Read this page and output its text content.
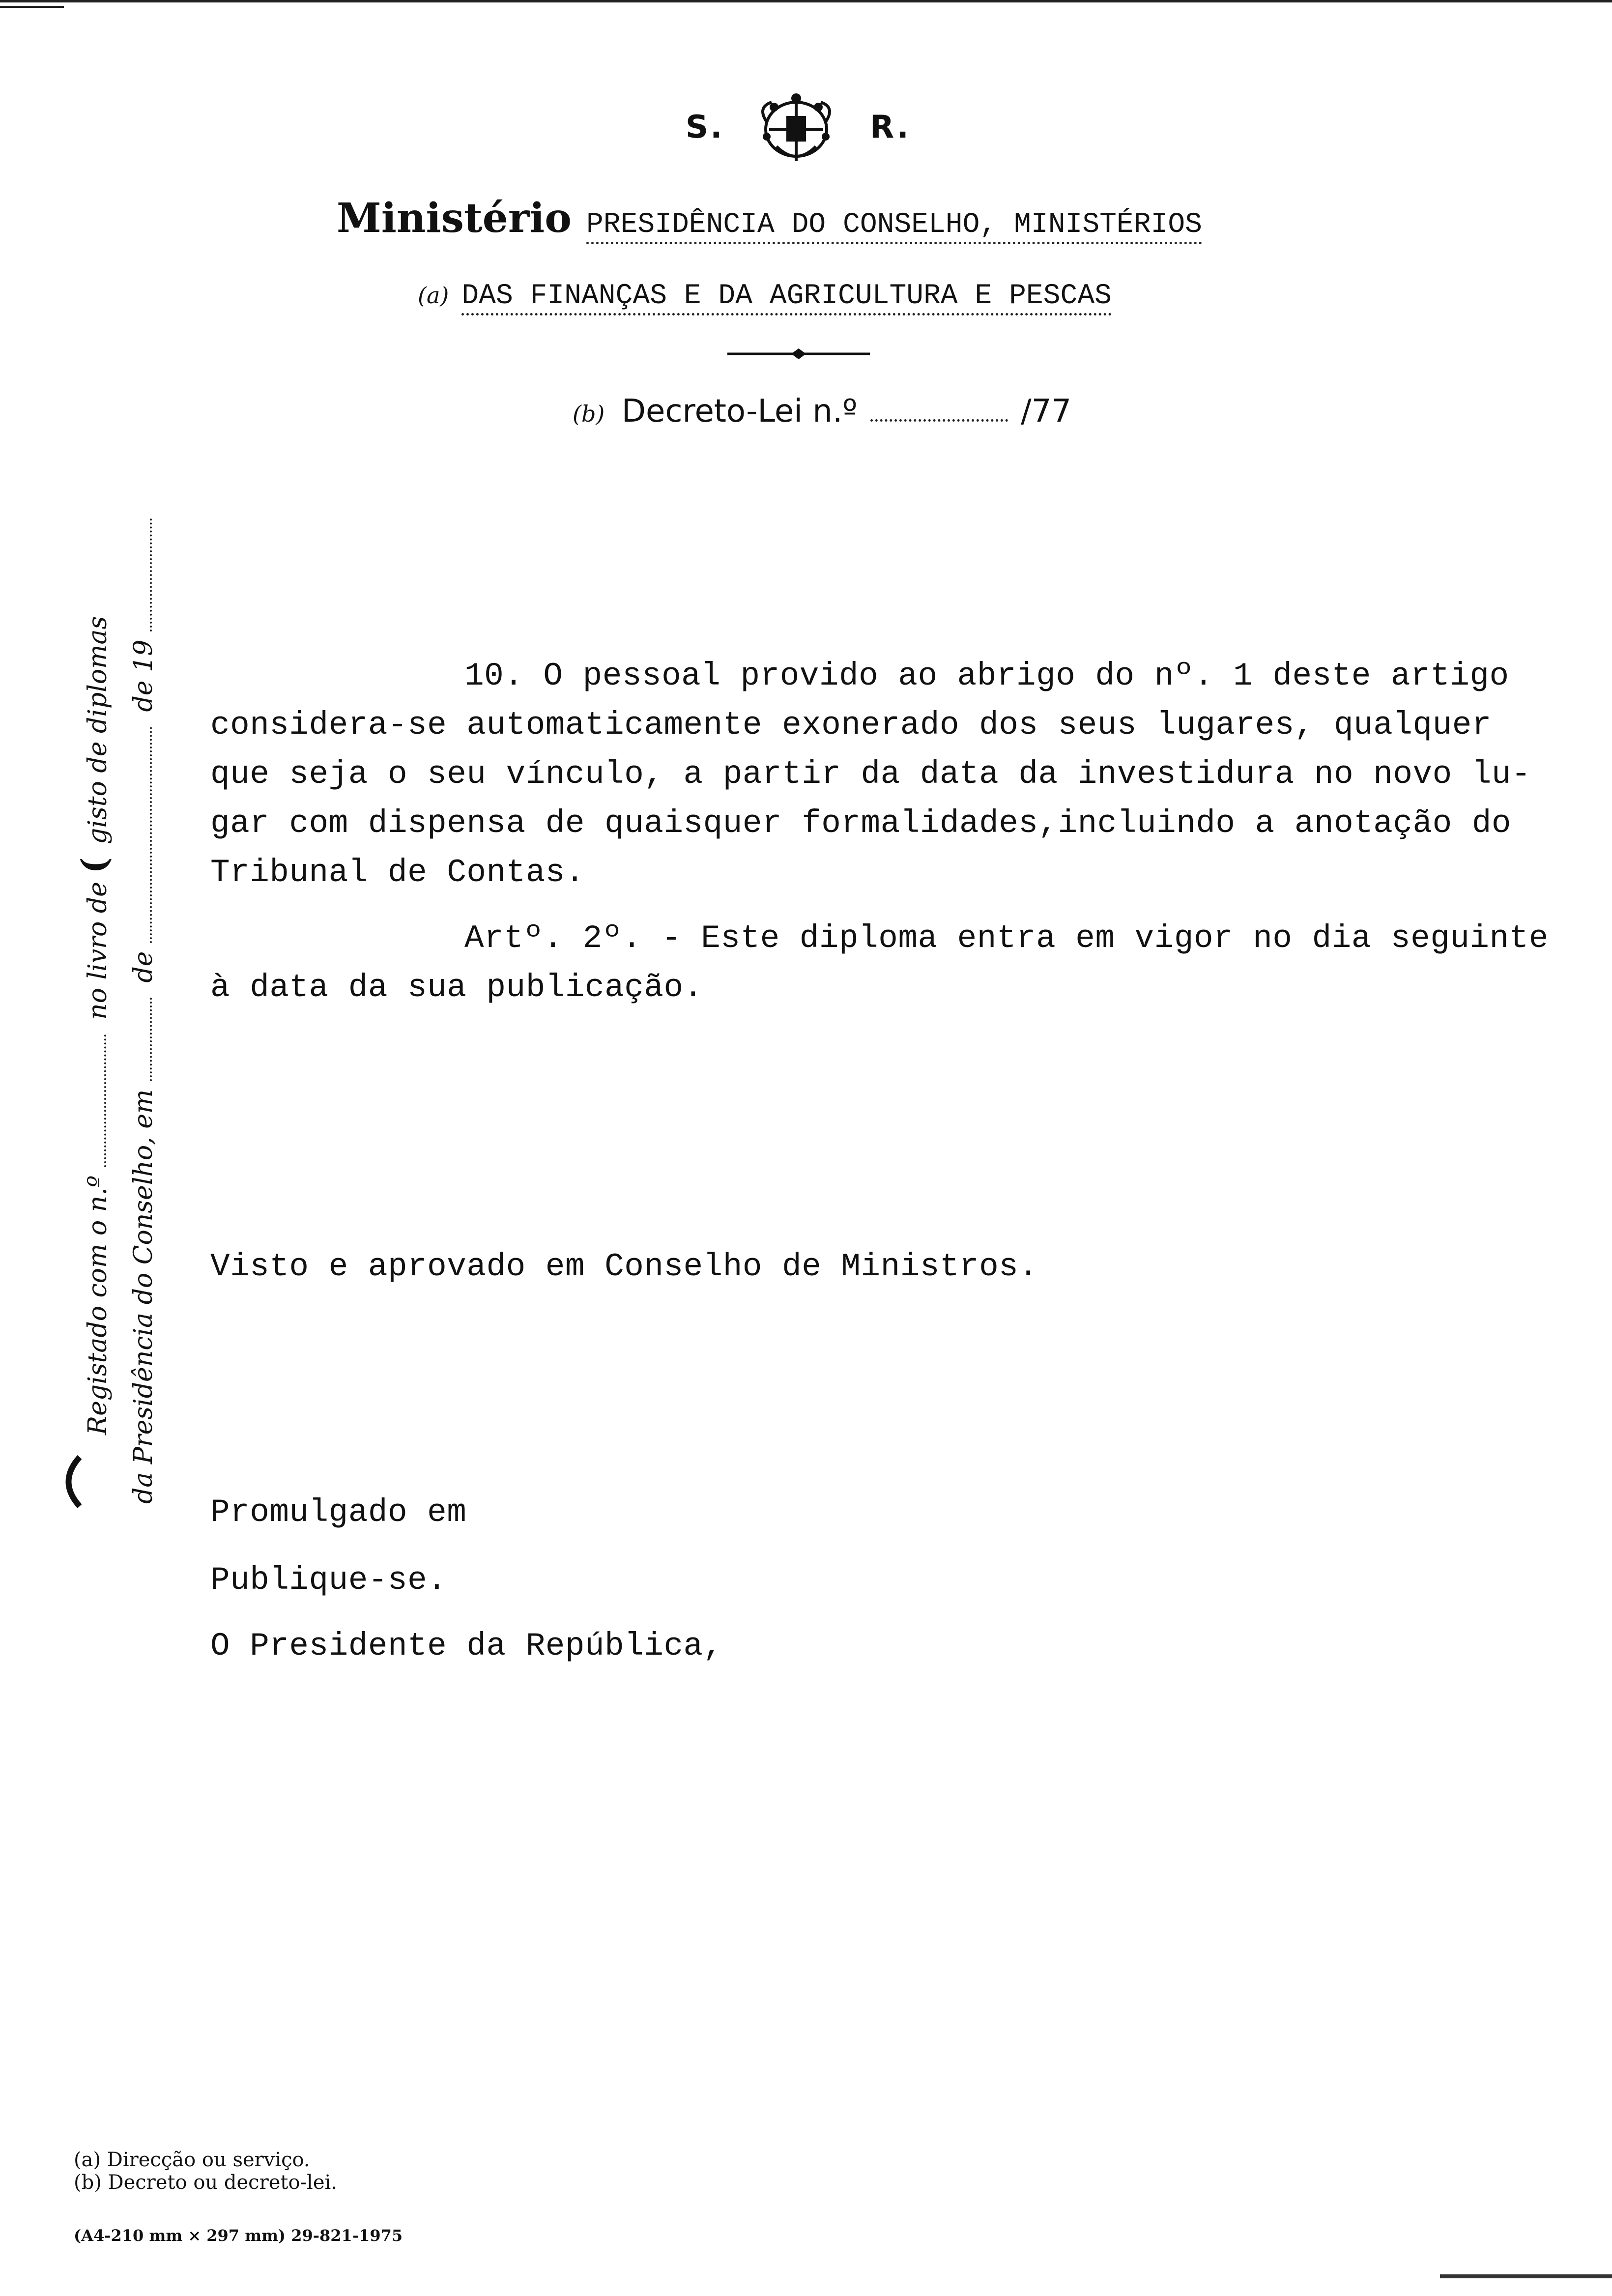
S.	R.
Ministério PRESIDÊNCIA DO CONSELHO, MINISTÉRIOS
(a) DAS FINANÇAS E DA AGRICULTURA E PESCAS
(b) Decreto-Lei n.º	/77
10. O pessoal provido ao abrigo do nº. 1 deste artigo
considera-se automaticamente exonerado dos seus lugares, qualquer
que seja o seu vínculo, a partir da data da investidura no novo lu-
gar com dispensa de quaisquer formalidades,incluindo a anotação do
Tribunal de Contas.
Artº. 2º. - Este diploma entra em vigor no dia seguinte
à data da sua publicação.
Visto e aprovado em Conselho de Ministros.
Promulgado em
Publique-se.
O Presidente da República,
Registado com o n.º  no livro de ( gisto de diplomas
da Presidência do Conselho, em  de  de 19
(a) Direcção ou serviço.
(b) Decreto ou decreto-lei.
(A4-210 mm × 297 mm) 29-821-1975
